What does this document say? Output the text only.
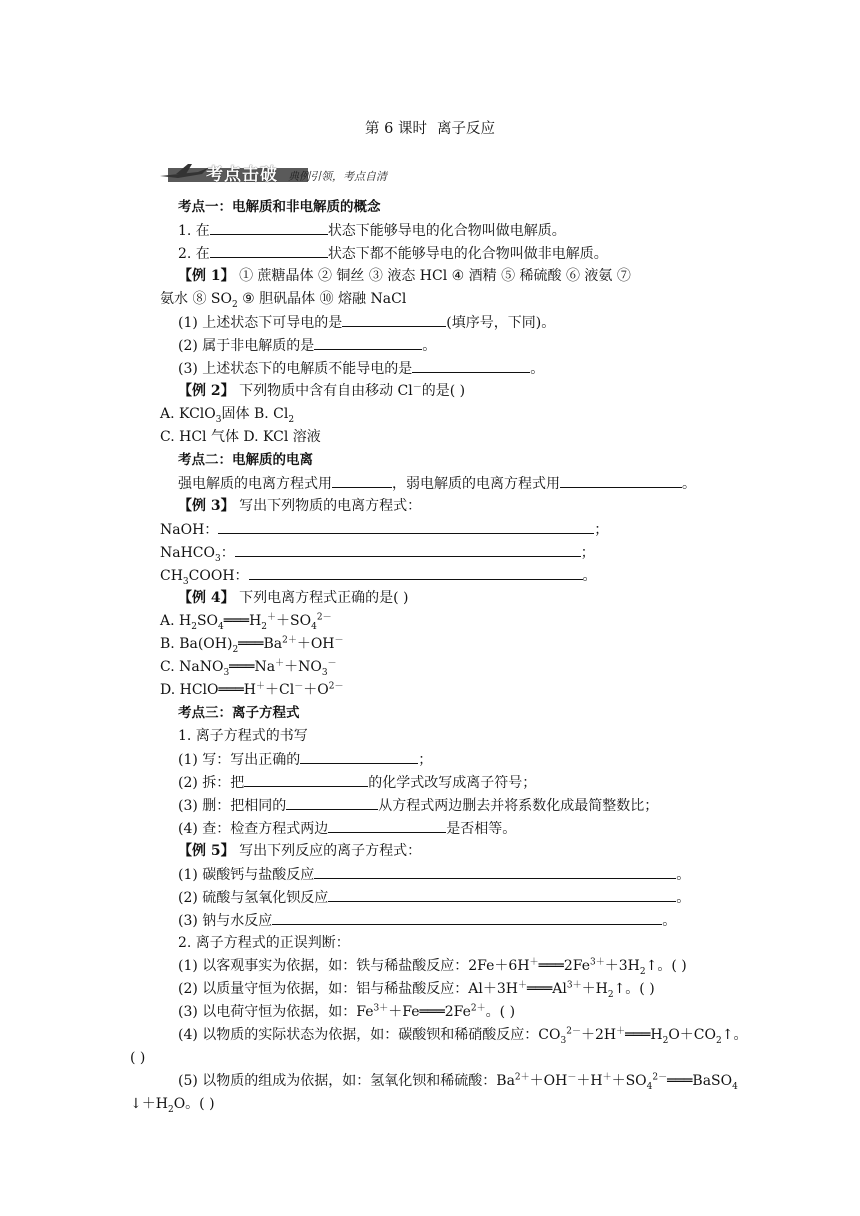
第 6 课时 离子反应
考点击破 典例引领，考点自清
考点一：电解质和非电解质的概念
1. 在	状态下能够导电的化合物叫做电解质。
2. 在	状态下都不能够导电的化合物叫做非电解质。
【例 1】 ① 蔗糖晶体 ② 铜丝 ③ 液态 HCl ④ 酒精 ⑤ 稀硫酸 ⑥ 液氨 ⑦
氨水 ⑧ $SO_2$ ⑨ 胆矾晶体 ⑩ 熔融 NaCl
(1) 上述状态下可导电的是	(填序号，下同)。
(2) 属于非电解质的是	。
(3) 上述状态下的电解质不能导电的是	。
【例 2】 下列物质中含有自由移动 Cl－的是( )
A. KClO$_3$固体 B. $Cl_2$
C. HCl 气体 D. KCl 溶液
考点二：电解质的电离
强电解质的电离方程式用	，弱电解质的电离方程式用	。
【例 3】 写出下列物质的电离方程式：
NaOH：	；
NaHCO$_3$：	；
$CH_3COOH$：	。
【例 4】 下列电离方程式正确的是( )
A. $H_2SO_4═══H_2^++SO_4^{2-}$
B. $Ba(OH)_2═══Ba^{2+}+OH^-$
C. $NaNO_3═══Na^++NO_3^-$
D. $HClO═══H^++Cl^-+O^{2-}$
考点三：离子方程式
1. 离子方程式的书写
(1) 写：写出正确的	；
(2) 拆：把	的化学式改写成离子符号；
(3) 删：把相同的	从方程式两边删去并将系数化成最简整数比；
(4) 查：检查方程式两边	是否相等。
【例 5】 写出下列反应的离子方程式：
(1) 碳酸钙与盐酸反应	。
(2) 硫酸与氢氧化钡反应	。
(3) 钠与水反应	。
2. 离子方程式的正误判断：
(1) 以客观事实为依据，如：铁与稀盐酸反应：$2Fe+6H^+═══2Fe^{3+}+3H_2↑$。( )
(2) 以质量守恒为依据，如：铝与稀盐酸反应：$Al+3H^+═══Al^{3+}+H_2↑$。( )
(3) 以电荷守恒为依据，如：$Fe^{3+}+Fe═══2Fe^{2+}$。( )
(4) 以物质的实际状态为依据，如：碳酸钡和稀硝酸反应：$CO_3^{2-}+2H^+═══H_2O+CO_2↑$。
( )
(5) 以物质的组成为依据，如：氢氧化钡和稀硫酸：$Ba^{2+}+OH^-+H^++SO_4^{2-}═══BaSO_4$
$↓+H_2O$。( )
